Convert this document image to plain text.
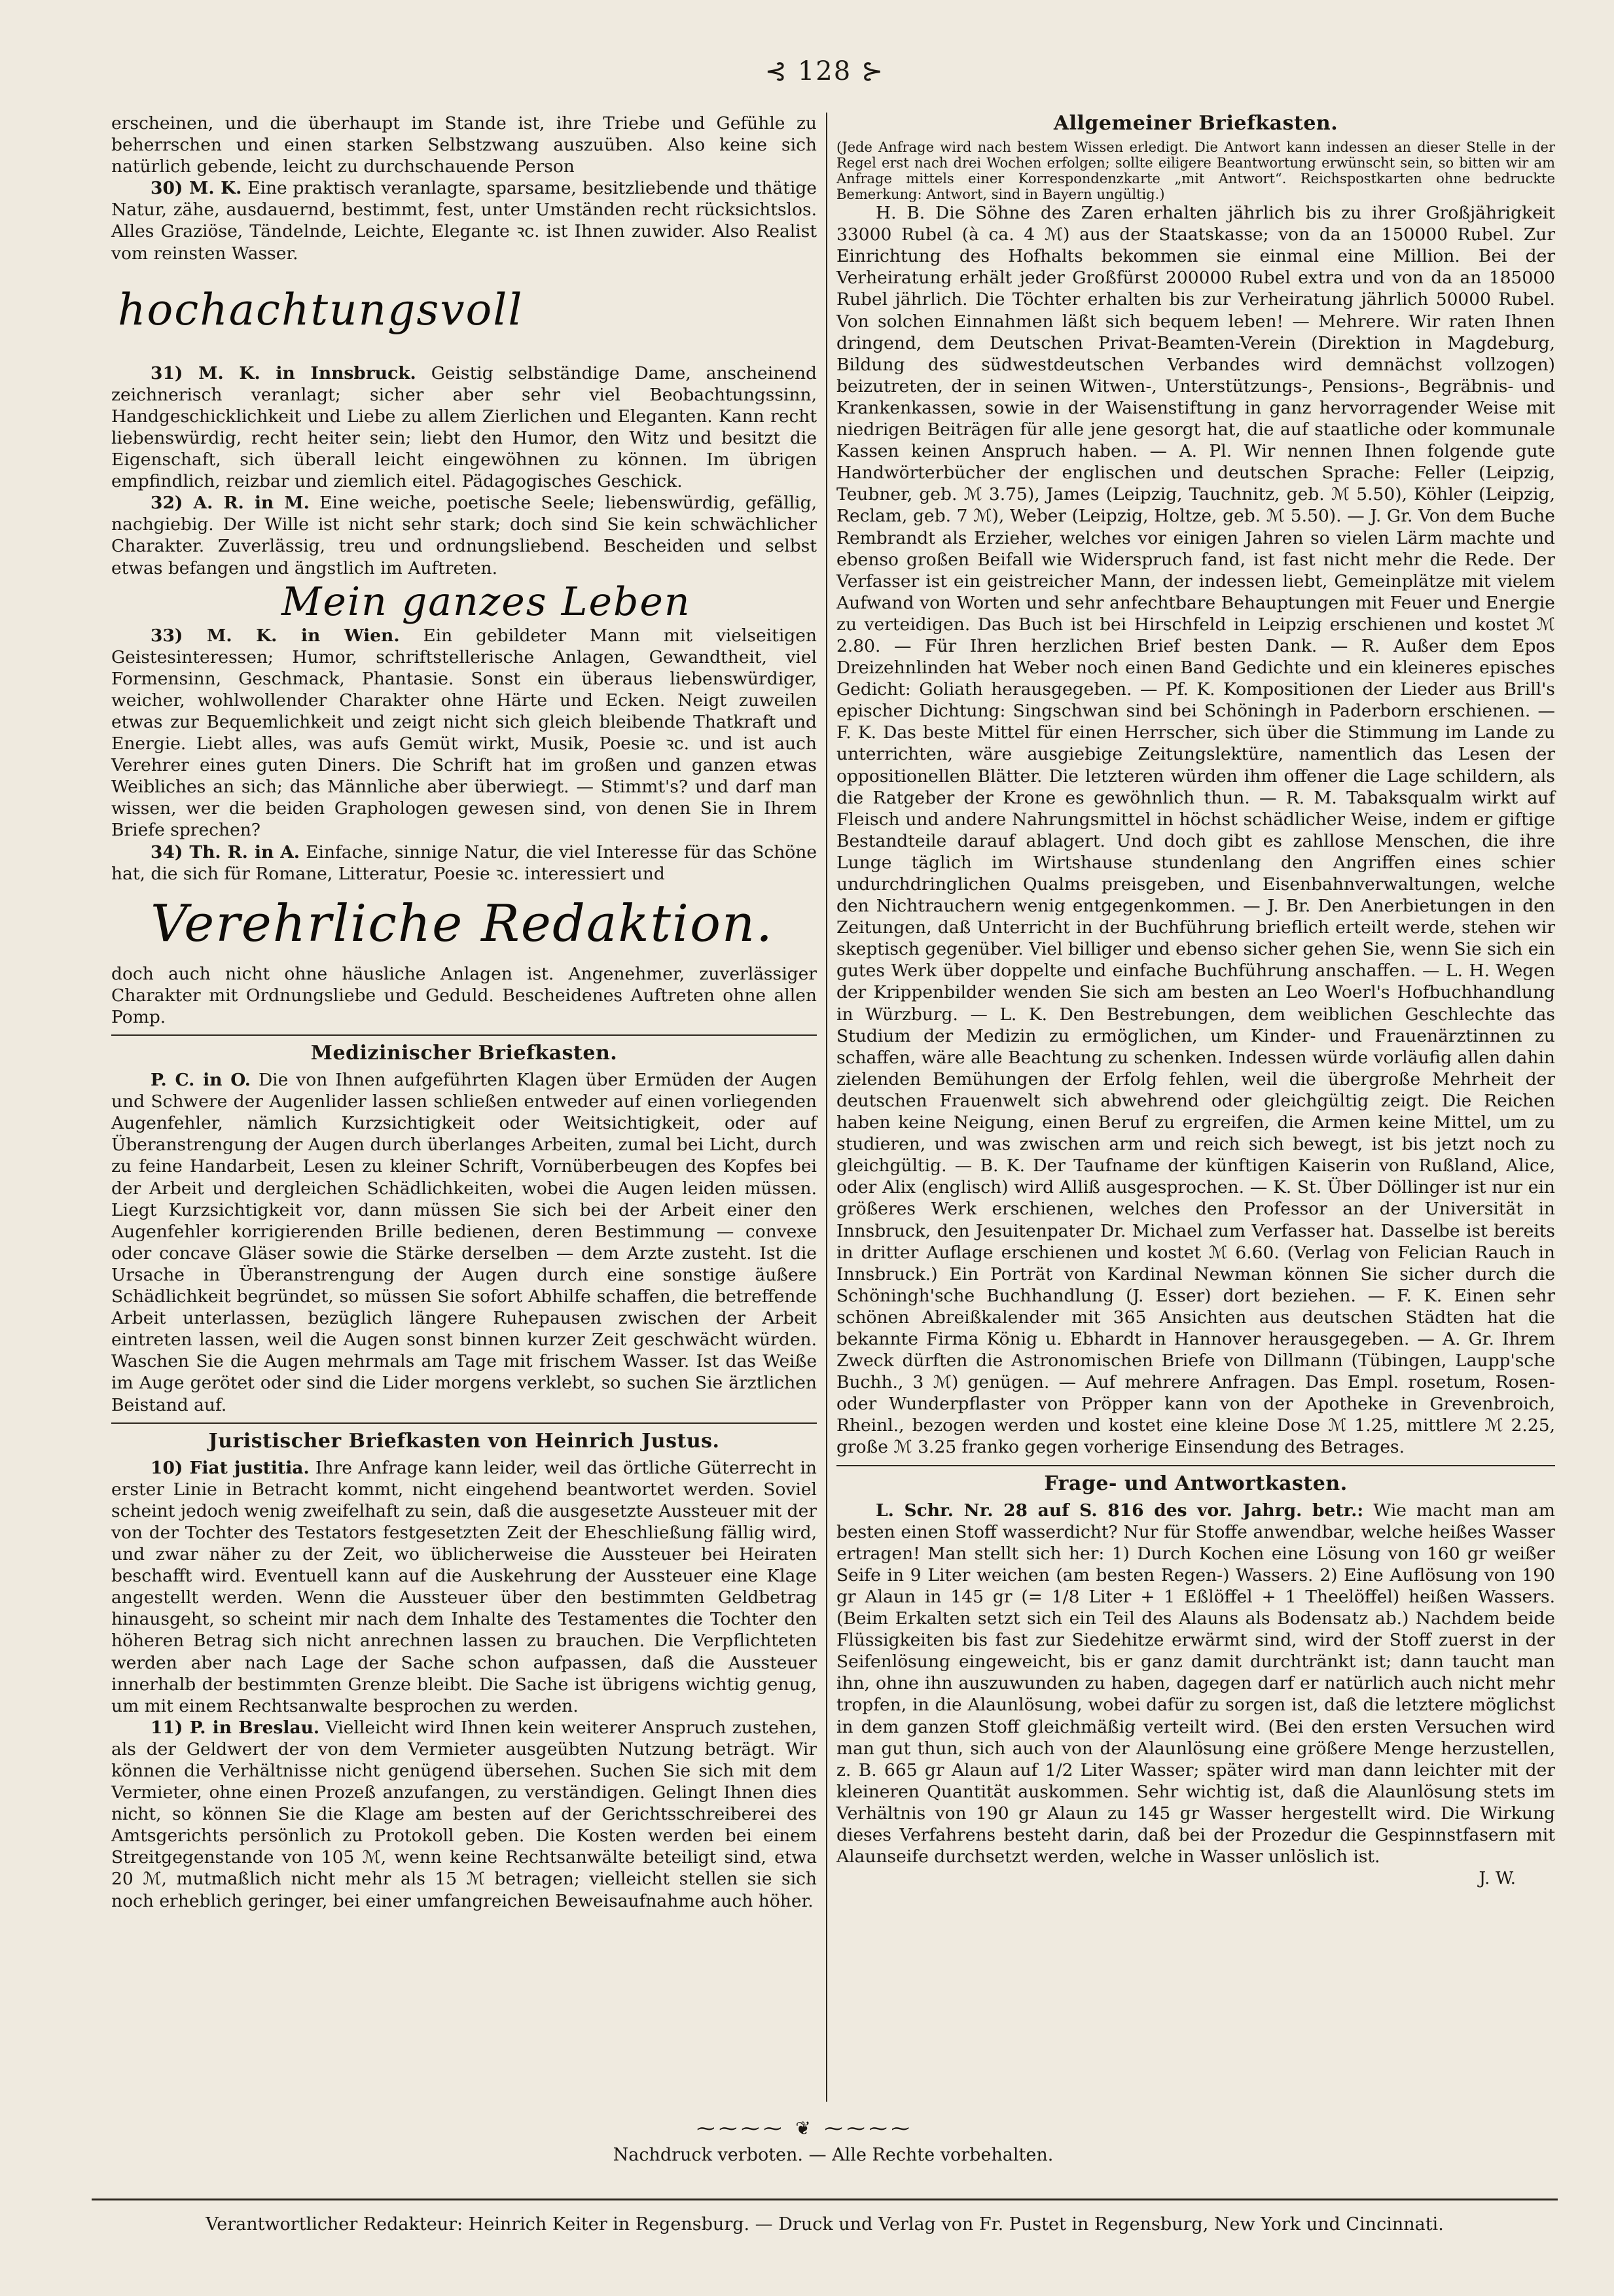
⊰ 128 ⊱

erscheinen, und die überhaupt im Stande ist, ihre Triebe und Gefühle zu beherrschen und einen starken Selbstzwang auszuüben. Also keine sich natürlich gebende, leicht zu durchschauende Person

30) M. K. Eine praktisch veranlagte, sparsame, besitzliebende und thätige Natur, zähe, ausdauernd, bestimmt, fest, unter Umständen recht rücksichtslos. Alles Graziöse, Tändelnde, Leichte, Elegante ꝛc. ist Ihnen zuwider. Also Realist vom reinsten Wasser.

hochachtungsvoll

31) M. K. in Innsbruck. Geistig selbständige Dame, anscheinend zeichnerisch veranlagt; sicher aber sehr viel Beobachtungssinn, Handgeschicklichkeit und Liebe zu allem Zierlichen und Eleganten. Kann recht liebenswürdig, recht heiter sein; liebt den Humor, den Witz und besitzt die Eigenschaft, sich überall leicht eingewöhnen zu können. Im übrigen empfindlich, reizbar und ziemlich eitel. Pädagogisches Geschick.

32) A. R. in M. Eine weiche, poetische Seele; liebenswürdig, gefällig, nachgiebig. Der Wille ist nicht sehr stark; doch sind Sie kein schwächlicher Charakter. Zuverlässig, treu und ordnungsliebend. Bescheiden und selbst etwas befangen und ängstlich im Auftreten.

Mein ganzes Leben

33) M. K. in Wien. Ein gebildeter Mann mit vielseitigen Geistesinteressen; Humor, schriftstellerische Anlagen, Gewandtheit, viel Formensinn, Geschmack, Phantasie. Sonst ein überaus liebenswürdiger, weicher, wohlwollender Charakter ohne Härte und Ecken. Neigt zuweilen etwas zur Bequemlichkeit und zeigt nicht sich gleich bleibende Thatkraft und Energie. Liebt alles, was aufs Gemüt wirkt, Musik, Poesie ꝛc. und ist auch Verehrer eines guten Diners. Die Schrift hat im großen und ganzen etwas Weibliches an sich; das Männliche aber überwiegt. — Stimmt's? und darf man wissen, wer die beiden Graphologen gewesen sind, von denen Sie in Ihrem Briefe sprechen?

34) Th. R. in A. Einfache, sinnige Natur, die viel Interesse für das Schöne hat, die sich für Romane, Litteratur, Poesie ꝛc. interessiert und

Verehrliche Redaktion.

doch auch nicht ohne häusliche Anlagen ist. Angenehmer, zuverlässiger Charakter mit Ordnungsliebe und Geduld. Bescheidenes Auftreten ohne allen Pomp.

Medizinischer Briefkasten.

P. C. in O. Die von Ihnen aufgeführten Klagen über Ermüden der Augen und Schwere der Augenlider lassen schließen entweder auf einen vorliegenden Augenfehler, nämlich Kurzsichtigkeit oder Weitsichtigkeit, oder auf Überanstrengung der Augen durch überlanges Arbeiten, zumal bei Licht, durch zu feine Handarbeit, Lesen zu kleiner Schrift, Vornüberbeugen des Kopfes bei der Arbeit und dergleichen Schädlichkeiten, wobei die Augen leiden müssen. Liegt Kurzsichtigkeit vor, dann müssen Sie sich bei der Arbeit einer den Augenfehler korrigierenden Brille bedienen, deren Bestimmung — convexe oder concave Gläser sowie die Stärke derselben — dem Arzte zusteht. Ist die Ursache in Überanstrengung der Augen durch eine sonstige äußere Schädlichkeit begründet, so müssen Sie sofort Abhilfe schaffen, die betreffende Arbeit unterlassen, bezüglich längere Ruhepausen zwischen der Arbeit eintreten lassen, weil die Augen sonst binnen kurzer Zeit geschwächt würden. Waschen Sie die Augen mehrmals am Tage mit frischem Wasser. Ist das Weiße im Auge gerötet oder sind die Lider morgens verklebt, so suchen Sie ärztlichen Beistand auf.

Juristischer Briefkasten von Heinrich Justus.

10) Fiat justitia. Ihre Anfrage kann leider, weil das örtliche Güterrecht in erster Linie in Betracht kommt, nicht eingehend beantwortet werden. Soviel scheint jedoch wenig zweifelhaft zu sein, daß die ausgesetzte Aussteuer mit der von der Tochter des Testators festgesetzten Zeit der Eheschließung fällig wird, und zwar näher zu der Zeit, wo üblicherweise die Aussteuer bei Heiraten beschafft wird. Eventuell kann auf die Auskehrung der Aussteuer eine Klage angestellt werden. Wenn die Aussteuer über den bestimmten Geldbetrag hinausgeht, so scheint mir nach dem Inhalte des Testamentes die Tochter den höheren Betrag sich nicht anrechnen lassen zu brauchen. Die Verpflichteten werden aber nach Lage der Sache schon aufpassen, daß die Aussteuer innerhalb der bestimmten Grenze bleibt. Die Sache ist übrigens wichtig genug, um mit einem Rechtsanwalte besprochen zu werden.

11) P. in Breslau. Vielleicht wird Ihnen kein weiterer Anspruch zustehen, als der Geldwert der von dem Vermieter ausgeübten Nutzung beträgt. Wir können die Verhältnisse nicht genügend übersehen. Suchen Sie sich mit dem Vermieter, ohne einen Prozeß anzufangen, zu verständigen. Gelingt Ihnen dies nicht, so können Sie die Klage am besten auf der Gerichtsschreiberei des Amtsgerichts persönlich zu Protokoll geben. Die Kosten werden bei einem Streitgegenstande von 105 ℳ, wenn keine Rechtsanwälte beteiligt sind, etwa 20 ℳ, mutmaßlich nicht mehr als 15 ℳ betragen; vielleicht stellen sie sich noch erheblich geringer, bei einer umfangreichen Beweisaufnahme auch höher.

Allgemeiner Briefkasten.

(Jede Anfrage wird nach bestem Wissen erledigt. Die Antwort kann indessen an dieser Stelle in der Regel erst nach drei Wochen erfolgen; sollte eiligere Beantwortung erwünscht sein, so bitten wir am Anfrage mittels einer Korrespondenzkarte „mit Antwort“. Reichspostkarten ohne bedruckte Bemerkung: Antwort, sind in Bayern ungültig.)

H. B. Die Söhne des Zaren erhalten jährlich bis zu ihrer Großjährigkeit 33000 Rubel (à ca. 4 ℳ) aus der Staatskasse; von da an 150000 Rubel. Zur Einrichtung des Hofhalts bekommen sie einmal eine Million. Bei der Verheiratung erhält jeder Großfürst 200000 Rubel extra und von da an 185000 Rubel jährlich. Die Töchter erhalten bis zur Verheiratung jährlich 50000 Rubel. Von solchen Einnahmen läßt sich bequem leben! — Mehrere. Wir raten Ihnen dringend, dem Deutschen Privat-Beamten-Verein (Direktion in Magdeburg, Bildung des südwestdeutschen Verbandes wird demnächst vollzogen) beizutreten, der in seinen Witwen-, Unterstützungs-, Pensions-, Begräbnis- und Krankenkassen, sowie in der Waisenstiftung in ganz hervorragender Weise mit niedrigen Beiträgen für alle jene gesorgt hat, die auf staatliche oder kommunale Kassen keinen Anspruch haben. — A. Pl. Wir nennen Ihnen folgende gute Handwörterbücher der englischen und deutschen Sprache: Feller (Leipzig, Teubner, geb. ℳ 3.75), James (Leipzig, Tauchnitz, geb. ℳ 5.50), Köhler (Leipzig, Reclam, geb. 7 ℳ), Weber (Leipzig, Holtze, geb. ℳ 5.50). — J. Gr. Von dem Buche Rembrandt als Erzieher, welches vor einigen Jahren so vielen Lärm machte und ebenso großen Beifall wie Widerspruch fand, ist fast nicht mehr die Rede. Der Verfasser ist ein geistreicher Mann, der indessen liebt, Gemeinplätze mit vielem Aufwand von Worten und sehr anfechtbare Behauptungen mit Feuer und Energie zu verteidigen. Das Buch ist bei Hirschfeld in Leipzig erschienen und kostet ℳ 2.80. — Für Ihren herzlichen Brief besten Dank. — R. Außer dem Epos Dreizehnlinden hat Weber noch einen Band Gedichte und ein kleineres episches Gedicht: Goliath herausgegeben. — Pf. K. Kompositionen der Lieder aus Brill's epischer Dichtung: Singschwan sind bei Schöningh in Paderborn erschienen. — F. K. Das beste Mittel für einen Herrscher, sich über die Stimmung im Lande zu unterrichten, wäre ausgiebige Zeitungslektüre, namentlich das Lesen der oppositionellen Blätter. Die letzteren würden ihm offener die Lage schildern, als die Ratgeber der Krone es gewöhnlich thun. — R. M. Tabaksqualm wirkt auf Fleisch und andere Nahrungsmittel in höchst schädlicher Weise, indem er giftige Bestandteile darauf ablagert. Und doch gibt es zahllose Menschen, die ihre Lunge täglich im Wirtshause stundenlang den Angriffen eines schier undurchdringlichen Qualms preisgeben, und Eisenbahnverwaltungen, welche den Nichtrauchern wenig entgegenkommen. — J. Br. Den Anerbietungen in den Zeitungen, daß Unterricht in der Buchführung brieflich erteilt werde, stehen wir skeptisch gegenüber. Viel billiger und ebenso sicher gehen Sie, wenn Sie sich ein gutes Werk über doppelte und einfache Buchführung anschaffen. — L. H. Wegen der Krippenbilder wenden Sie sich am besten an Leo Woerl's Hofbuchhandlung in Würzburg. — L. K. Den Bestrebungen, dem weiblichen Geschlechte das Studium der Medizin zu ermöglichen, um Kinder- und Frauenärztinnen zu schaffen, wäre alle Beachtung zu schenken. Indessen würde vorläufig allen dahin zielenden Bemühungen der Erfolg fehlen, weil die übergroße Mehrheit der deutschen Frauenwelt sich abwehrend oder gleichgültig zeigt. Die Reichen haben keine Neigung, einen Beruf zu ergreifen, die Armen keine Mittel, um zu studieren, und was zwischen arm und reich sich bewegt, ist bis jetzt noch zu gleichgültig. — B. K. Der Taufname der künftigen Kaiserin von Rußland, Alice, oder Alix (englisch) wird Alliß ausgesprochen. — K. St. Über Döllinger ist nur ein größeres Werk erschienen, welches den Professor an der Universität in Innsbruck, den Jesuitenpater Dr. Michael zum Verfasser hat. Dasselbe ist bereits in dritter Auflage erschienen und kostet ℳ 6.60. (Verlag von Felician Rauch in Innsbruck.) Ein Porträt von Kardinal Newman können Sie sicher durch die Schöningh'sche Buchhandlung (J. Esser) dort beziehen. — F. K. Einen sehr schönen Abreißkalender mit 365 Ansichten aus deutschen Städten hat die bekannte Firma König u. Ebhardt in Hannover herausgegeben. — A. Gr. Ihrem Zweck dürften die Astronomischen Briefe von Dillmann (Tübingen, Laupp'sche Buchh., 3 ℳ) genügen. — Auf mehrere Anfragen. Das Empl. rosetum, Rosen- oder Wunderpflaster von Pröpper kann von der Apotheke in Grevenbroich, Rheinl., bezogen werden und kostet eine kleine Dose ℳ 1.25, mittlere ℳ 2.25, große ℳ 3.25 franko gegen vorherige Einsendung des Betrages.

Frage- und Antwortkasten.

L. Schr. Nr. 28 auf S. 816 des vor. Jahrg. betr.: Wie macht man am besten einen Stoff wasserdicht? Nur für Stoffe anwendbar, welche heißes Wasser ertragen! Man stellt sich her: 1) Durch Kochen eine Lösung von 160 gr weißer Seife in 9 Liter weichen (am besten Regen-) Wassers. 2) Eine Auflösung von 190 gr Alaun in 145 gr (= 1/8 Liter + 1 Eßlöffel + 1 Theelöffel) heißen Wassers. (Beim Erkalten setzt sich ein Teil des Alauns als Bodensatz ab.) Nachdem beide Flüssigkeiten bis fast zur Siedehitze erwärmt sind, wird der Stoff zuerst in der Seifenlösung eingeweicht, bis er ganz damit durchtränkt ist; dann taucht man ihn, ohne ihn auszuwunden zu haben, dagegen darf er natürlich auch nicht mehr tropfen, in die Alaunlösung, wobei dafür zu sorgen ist, daß die letztere möglichst in dem ganzen Stoff gleichmäßig verteilt wird. (Bei den ersten Versuchen wird man gut thun, sich auch von der Alaunlösung eine größere Menge herzustellen, z. B. 665 gr Alaun auf 1/2 Liter Wasser; später wird man dann leichter mit der kleineren Quantität auskommen. Sehr wichtig ist, daß die Alaunlösung stets im Verhältnis von 190 gr Alaun zu 145 gr Wasser hergestellt wird. Die Wirkung dieses Verfahrens besteht darin, daß bei der Prozedur die Gespinnstfasern mit Alaunseife durchsetzt werden, welche in Wasser unlöslich ist.

J. W.
⁓⁓⁓⁓ ❦ ⁓⁓⁓⁓
Nachdruck verboten. — Alle Rechte vorbehalten.
Verantwortlicher Redakteur: Heinrich Keiter in Regensburg. — Druck und Verlag von Fr. Pustet in Regensburg, New York und Cincinnati.
